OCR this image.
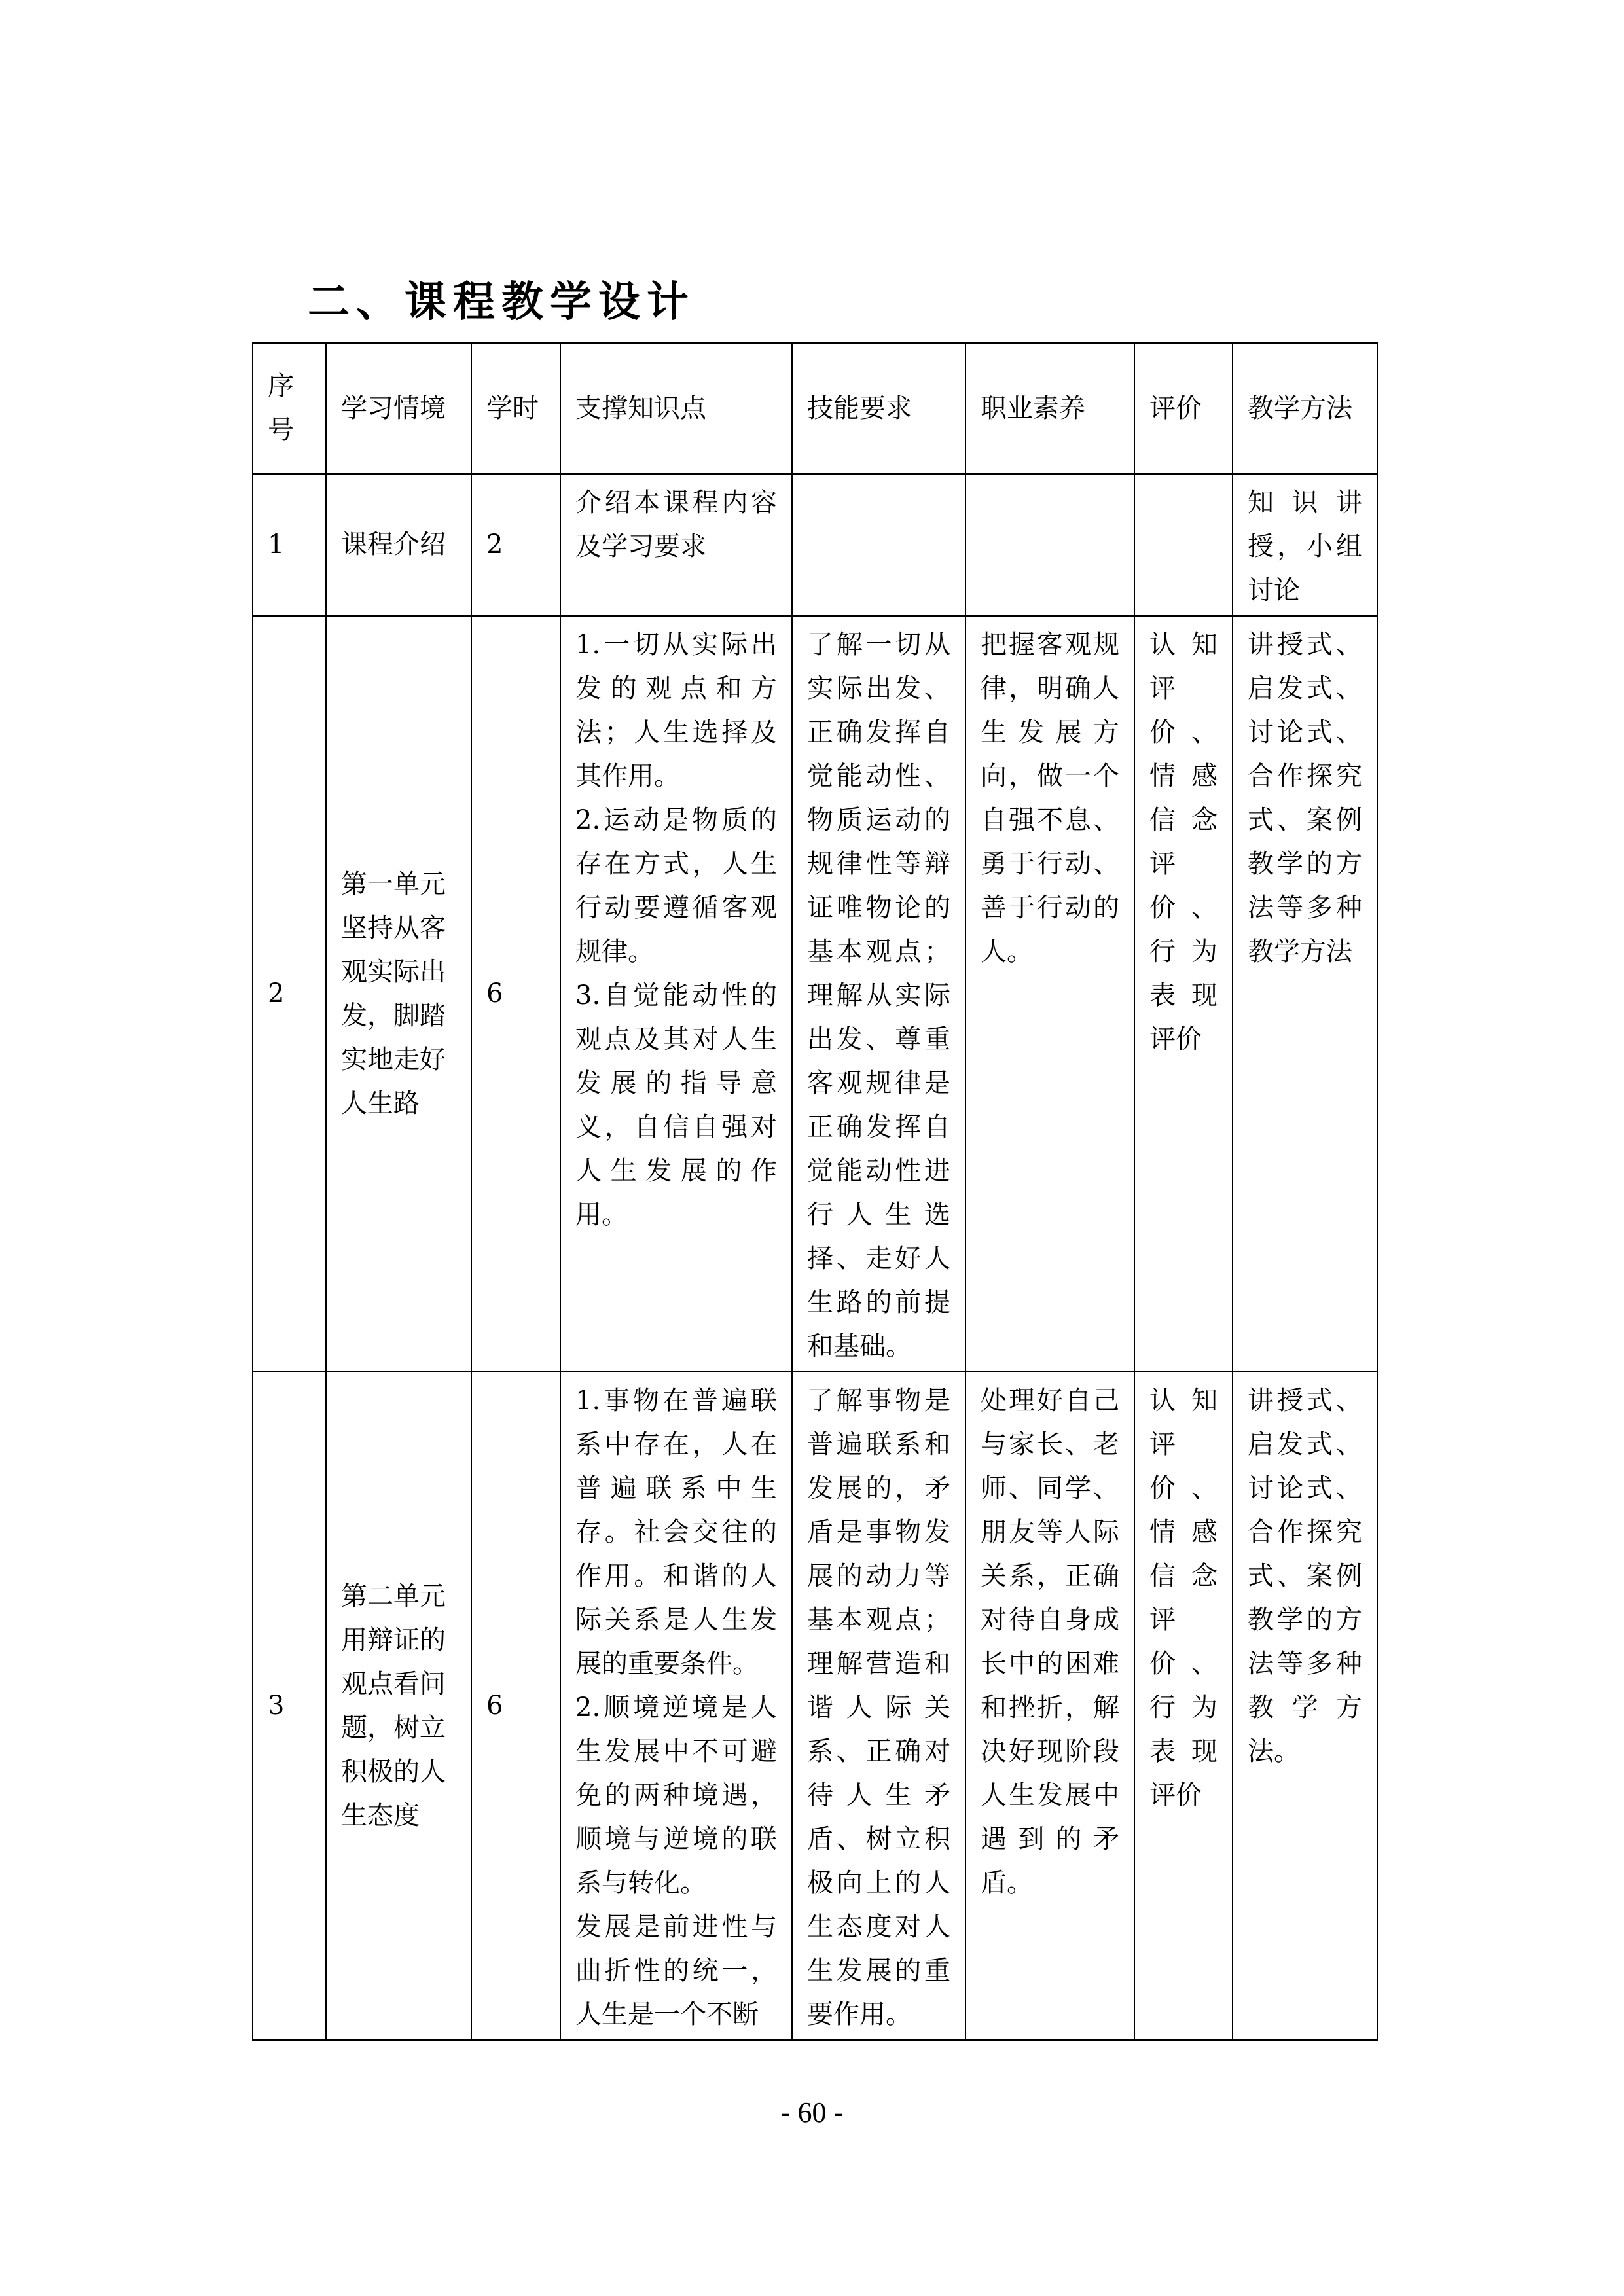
二、课程教学设计
序号	学习情境	学时	支撑知识点	技能要求	职业素养	评价	教学方法
1	课程介绍	2	介绍本课程内容及学习要求				知识讲授，小组讨论
2	第一单元坚持从客观实际出发，脚踏实地走好人生路	6	1.一切从实际出发的观点和方法；人生选择及其作用。
2.运动是物质的存在方式，人生行动要遵循客观规律。
3.自觉能动性的观点及其对人生发展的指导意义，自信自强对人生发展的作用。	了解一切从实际出发、正确发挥自觉能动性、物质运动的规律性等辩证唯物论的基本观点；理解从实际出发、尊重客观规律是正确发挥自觉能动性进行人生选择、走好人生路的前提和基础。	把握客观规律，明确人生发展方向，做一个自强不息、勇于行动、善于行动的人。	认知评价、情感信念评价、行为表现评价	讲授式、启发式、讨论式、合作探究式、案例教学的方法等多种教学方法
3	第二单元用辩证的观点看问题，树立积极的人生态度	6	1.事物在普遍联系中存在，人在普遍联系中生存。社会交往的作用。和谐的人际关系是人生发展的重要条件。
2.顺境逆境是人生发展中不可避免的两种境遇，顺境与逆境的联系与转化。
发展是前进性与曲折性的统一，人生是一个不断	了解事物是普遍联系和发展的，矛盾是事物发展的动力等基本观点；理解营造和谐人际关系、正确对待人生矛盾、树立积极向上的人生态度对人生发展的重要作用。	处理好自己与家长、老师、同学、朋友等人际关系，正确对待自身成长中的困难和挫折，解决好现阶段人生发展中遇到的矛盾。	认知评价、情感信念评价、行为表现评价	讲授式、启发式、讨论式、合作探究式、案例教学的方法等多种教学方法。
- 60 -
